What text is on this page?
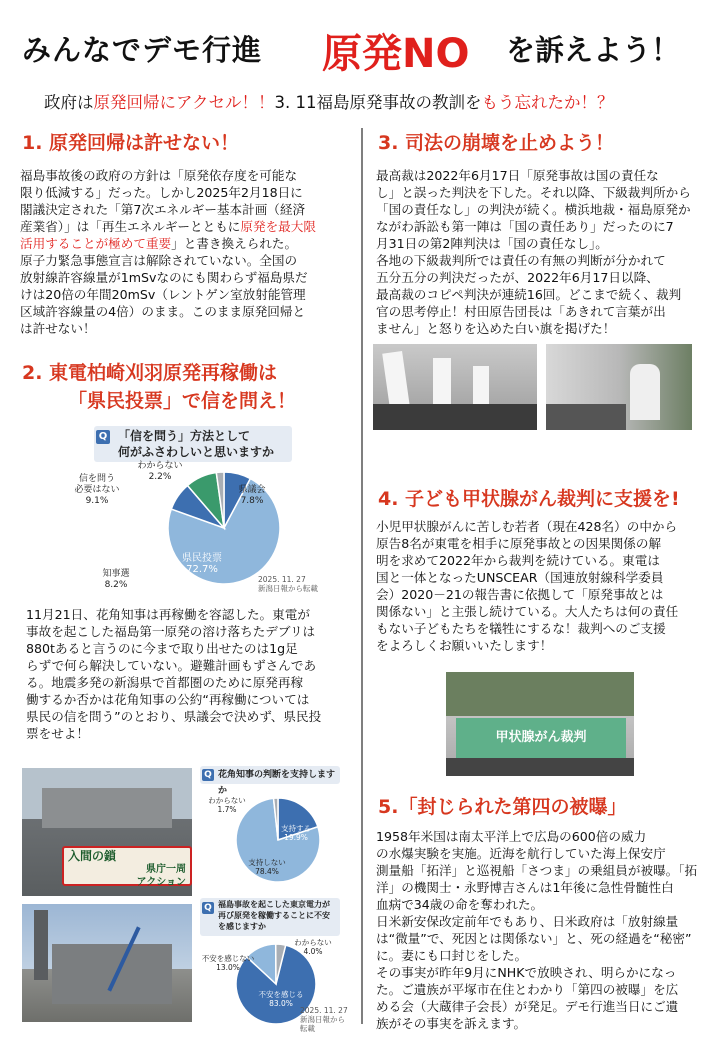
みんなでデモ行進 原発NO を訴えよう！
政府は原発回帰にアクセル！！3. 11福島原発事故の教訓をもう忘れたか！？
1. 原発回帰は許せない！
福島事故後の政府の方針は「原発依存度を可能な
限り低減する」だった。しかし2025年2月18日に
閣議決定された「第7次エネルギー基本計画（経済
産業省）」は「再生エネルギーとともに原発を最大限
活用することが極めて重要」と書き換えられた。
原子力緊急事態宣言は解除されていない。全国の
放射線許容線量が1mSvなのにも関わらず福島県だ
けは20倍の年間20mSv（レントゲン室放射能管理
区域許容線量の4倍）のまま。このまま原発回帰と
は許せない！
2. 東電柏崎刈羽原発再稼働は
「県民投票」で信を問え！
Q 「信を問う」方法として
何がふさわしいと思いますか
信を問う
必要はない
9.1%
わからない
2.2%
県議会
7.8%
知事選
8.2%
県民投票
72.7%
2025. 11. 27
新潟日報から転載
11月21日、花角知事は再稼働を容認した。東電が
事故を起こした福島第一原発の溶け落ちたデブリは
880tあると言うのに今まで取り出せたのは1g足
らずで何ら解決していない。避難計画もずさんであ
る。地震多発の新潟県で首都圏のために原発再稼
働するか否かは花角知事の公約“再稼働については
県民の信を問う”のとおり、県議会で決めず、県民投
票をせよ！
入間の鎖
県庁一周
アクション
Q 花角知事の判断を支持しますか
わからない
1.7%
支持する
19.9%
支持しない
78.4%
Q 福島事故を起こした東京電力が
再び原発を稼働することに不安
を感じますか
不安を感じない
13.0%
わからない
4.0%
不安を感じる
83.0%
2025. 11. 27
新潟日報から転載
3. 司法の崩壊を止めよう！
最高裁は2022年6月17日「原発事故は国の責任な
し」と誤った判決を下した。それ以降、下級裁判所から
「国の責任なし」の判決が続く。横浜地裁・福島原発か
ながわ訴訟も第一陣は「国の責任あり」だったのに7
月31日の第2陣判決は「国の責任なし」。
各地の下級裁判所では責任の有無の判断が分かれて
五分五分の判決だったが、2022年6月17日以降、
最高裁のコピペ判決が連続16回。どこまで続く、裁判
官の思考停止！村田原告団長は「あきれて言葉が出
ません」と怒りを込めた白い旗を掲げた！
4. 子ども甲状腺がん裁判に支援を!
小児甲状腺がんに苦しむ若者（現在428名）の中から
原告8名が東電を相手に原発事故との因果関係の解
明を求めて2022年から裁判を続けている。東電は
国と一体となったUNSCEAR（国連放射線科学委員
会）2020－21の報告書に依拠して「原発事故とは
関係ない」と主張し続けている。大人たちは何の責任
もない子どもたちを犠牲にするな！裁判へのご支援
をよろしくお願いいたします！
甲状腺がん裁判
5.「封じられた第四の被曝」
1958年米国は南太平洋上で広島の600倍の威力
の水爆実験を実施。近海を航行していた海上保安庁
測量船「拓洋」と巡視船「さつま」の乗組員が被曝。「拓
洋」の機関士・永野博吉さんは1年後に急性骨髄性白
血病で34歳の命を奪われた。
日米新安保改定前年でもあり、日米政府は「放射線量
は“微量”で、死因とは関係ない」と、死の経過を“秘密”
に。妻にも口封じをした。
その事実が昨年9月にNHKで放映され、明らかになっ
た。ご遺族が平塚市在住とわかり「第四の被曝」を広
める会（大蔵律子会長）が発足。デモ行進当日にご遺
族がその事実を訴えます。
